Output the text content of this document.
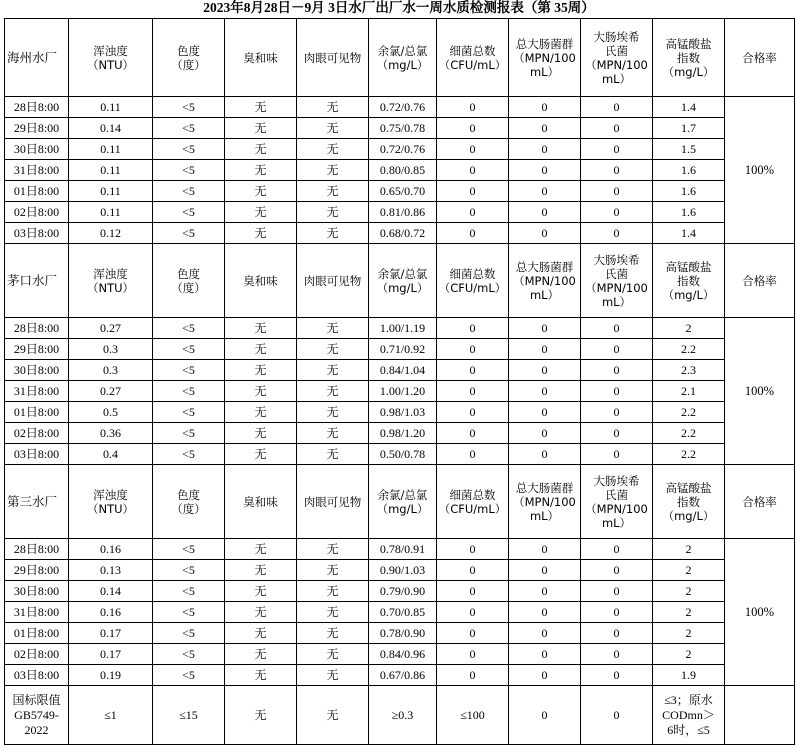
2023年8月28日－9月 3日水厂出厂水一周水质检测报表（第 35周）
海州水厂	浑浊度
（NTU）	色度
（度）	臭和味	肉眼可见物	余氯/总氯
（mg/L）	细菌总数
（CFU/mL）	总大肠菌群
（MPN/100
mL）	大肠埃希
氏菌
（MPN/100
mL）	高锰酸盐
指数
（mg/L）	合格率
28日8:00	0.11	<5	无	无	0.72/0.76	0	0	0	1.4	100%
29日8:00	0.14	<5	无	无	0.75/0.78	0	0	0	1.7	
30日8:00	0.11	<5	无	无	0.72/0.76	0	0	0	1.5	
31日8:00	0.11	<5	无	无	0.80/0.85	0	0	0	1.6	
01日8:00	0.11	<5	无	无	0.65/0.70	0	0	0	1.6	
02日8:00	0.11	<5	无	无	0.81/0.86	0	0	0	1.6	
03日8:00	0.12	<5	无	无	0.68/0.72	0	0	0	1.4	
茅口水厂	浑浊度
（NTU）	色度
（度）	臭和味	肉眼可见物	余氯/总氯
（mg/L）	细菌总数
（CFU/mL）	总大肠菌群
（MPN/100
mL）	大肠埃希
氏菌
（MPN/100
mL）	高锰酸盐
指数
（mg/L）	合格率
28日8:00	0.27	<5	无	无	1.00/1.19	0	0	0	2	100%
29日8:00	0.3	<5	无	无	0.71/0.92	0	0	0	2.2	
30日8:00	0.3	<5	无	无	0.84/1.04	0	0	0	2.3	
31日8:00	0.27	<5	无	无	1.00/1.20	0	0	0	2.1	
01日8:00	0.5	<5	无	无	0.98/1.03	0	0	0	2.2	
02日8:00	0.36	<5	无	无	0.98/1.20	0	0	0	2.2	
03日8:00	0.4	<5	无	无	0.50/0.78	0	0	0	2.2	
第三水厂	浑浊度
（NTU）	色度
（度）	臭和味	肉眼可见物	余氯/总氯
（mg/L）	细菌总数
（CFU/mL）	总大肠菌群
（MPN/100
mL）	大肠埃希
氏菌
（MPN/100
mL）	高锰酸盐
指数
（mg/L）	合格率
28日8:00	0.16	<5	无	无	0.78/0.91	0	0	0	2	100%
29日8:00	0.13	<5	无	无	0.90/1.03	0	0	0	2	
30日8:00	0.14	<5	无	无	0.79/0.90	0	0	0	2	
31日8:00	0.16	<5	无	无	0.70/0.85	0	0	0	2	
01日8:00	0.17	<5	无	无	0.78/0.90	0	0	0	2	
02日8:00	0.17	<5	无	无	0.84/0.96	0	0	0	2	
03日8:00	0.19	<5	无	无	0.67/0.86	0	0	0	1.9	
国标限值
GB5749-
2022	≤1	≤15	无	无	≥0.3	≤100	0	0	≤3；原水
CODmn＞
6时，≤5	
